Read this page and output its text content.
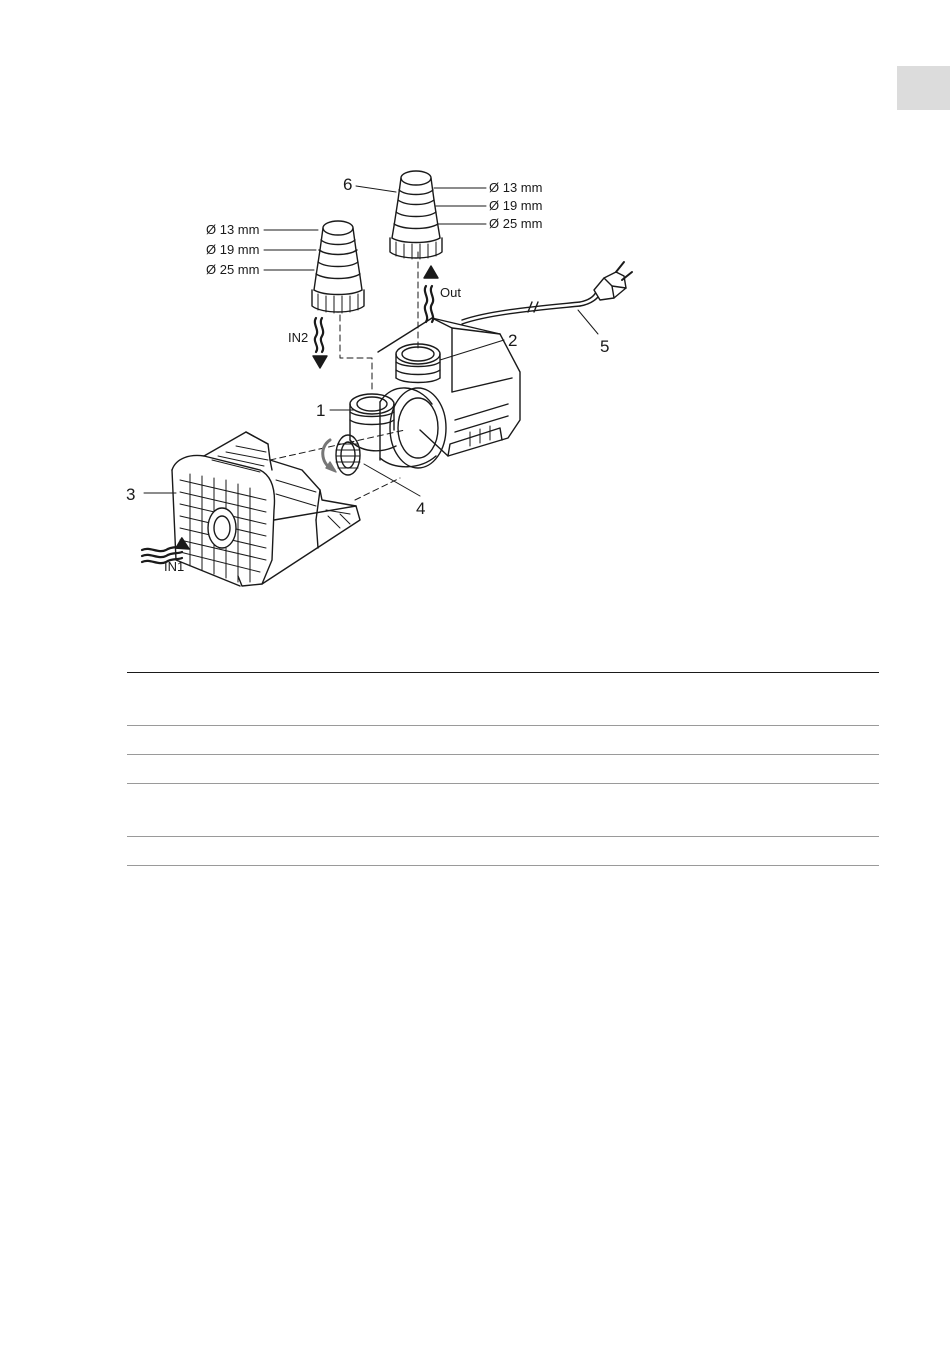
1
2
3
4
5
6
Ø 13 mm
Ø 19 mm
Ø 25 mm
Ø 13 mm
Ø 19 mm
Ø 25 mm
IN2
Out
IN1
